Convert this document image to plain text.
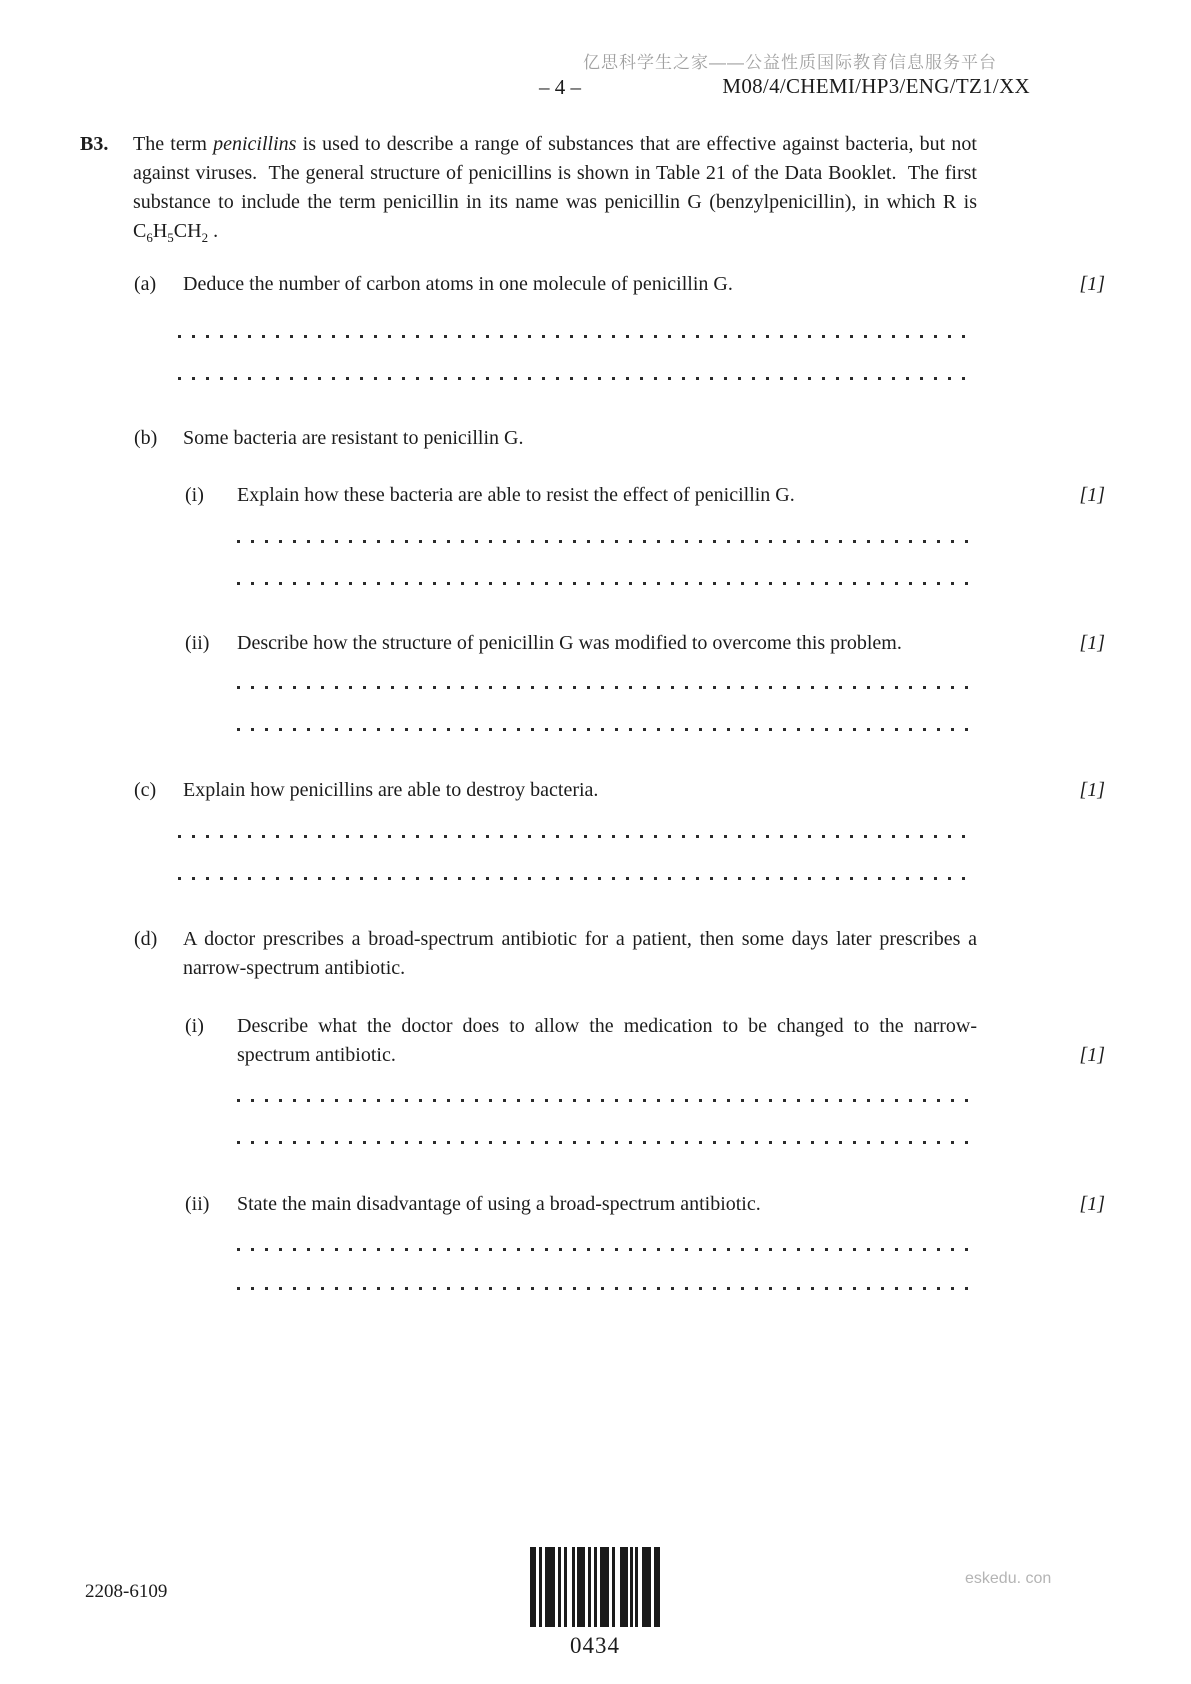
亿思科学生之家——公益性质国际教育信息服务平台
– 4 –	M08/4/CHEMI/HP3/ENG/TZ1/XX
B3.	The term penicillins is used to describe a range of substances that are effective against bacteria, but not against viruses.  The general structure of penicillins is shown in Table 21 of the Data Booklet.  The first substance to include the term penicillin in its name was penicillin G (benzylpenicillin), in which R is $C_6H_5CH_2$ .
(a)	Deduce the number of carbon atoms in one molecule of penicillin G.	[1]
(b)	Some bacteria are resistant to penicillin G.
(i)	Explain how these bacteria are able to resist the effect of penicillin G.	[1]
(ii)	Describe how the structure of penicillin G was modified to overcome this problem.	[1]
(c)	Explain how penicillins are able to destroy bacteria.	[1]
(d)	A doctor prescribes a broad-spectrum antibiotic for a patient, then some days later prescribes a narrow-spectrum antibiotic.
(i)	Describe what the doctor does to allow the medication to be changed to the narrow-spectrum antibiotic.	[1]
(ii)	State the main disadvantage of using a broad-spectrum antibiotic.	[1]
2208-6109
0434
eskedu. con
